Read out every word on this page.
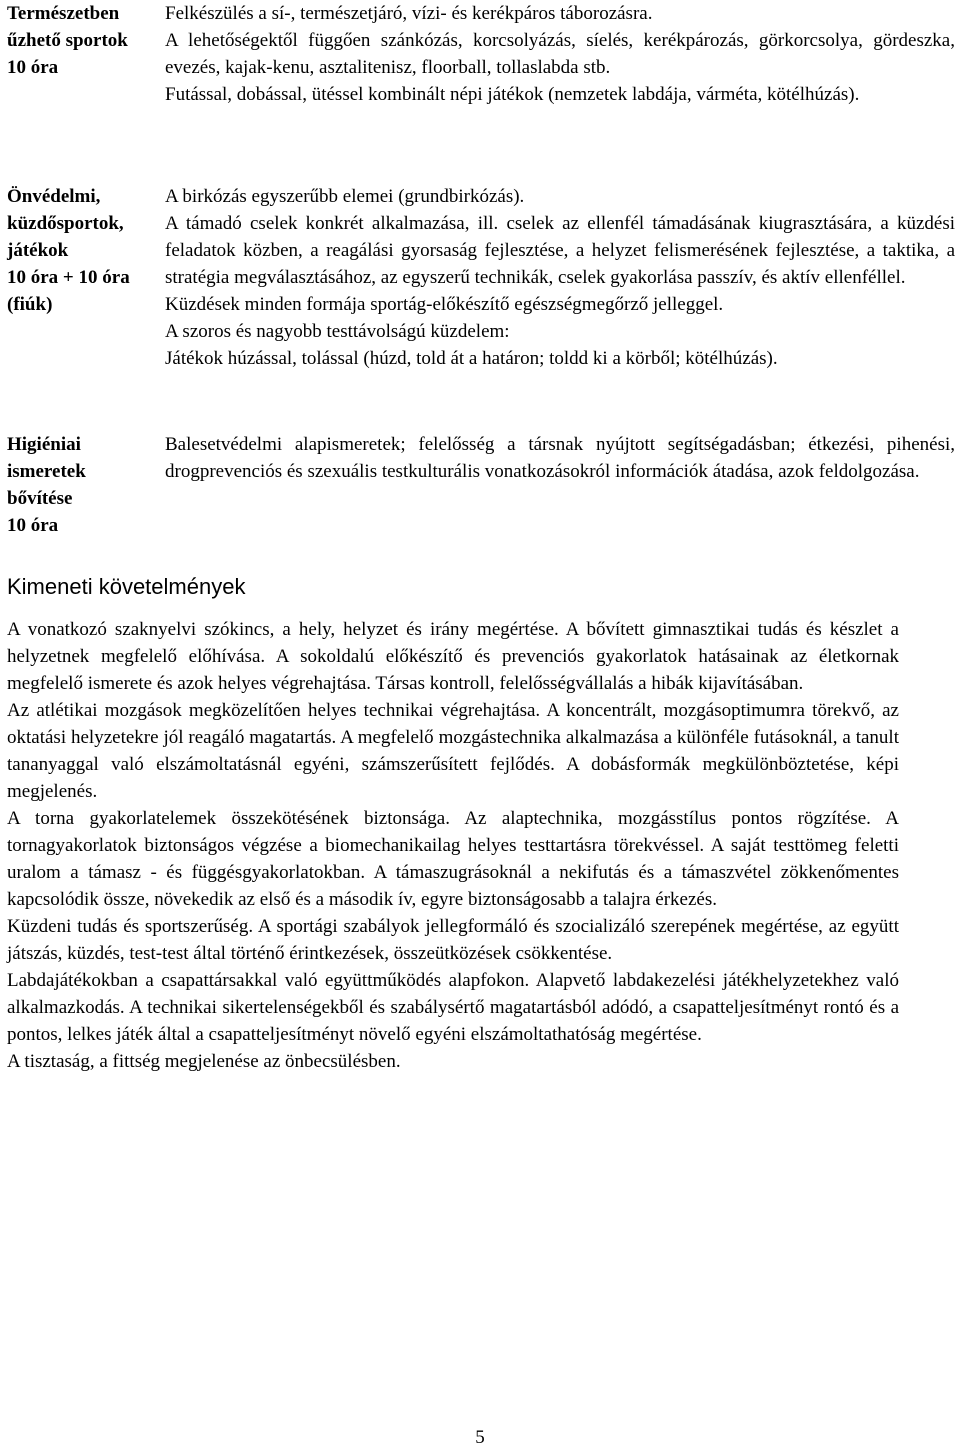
Természetben
űzhető sportok
10 óra

Felkészülés a sí-, természetjáró, vízi- és kerékpáros táborozásra.

A lehetőségektől függően szánkózás, korcsolyázás, síelés, kerékpározás, görkorcsolya, gördeszka, evezés, kajak-kenu, asztalitenisz, floorball, tollaslabda stb.

Futással, dobással, ütéssel kombinált népi játékok (nemzetek labdája, várméta, kötélhúzás).

Önvédelmi,
küzdősportok,
játékok
10 óra + 10 óra
(fiúk)

A birkózás egyszerűbb elemei (grundbirkózás).

A támadó cselek konkrét alkalmazása, ill. cselek az ellenfél támadásának kiugrasztására, a küzdési feladatok közben, a reagálási gyorsaság fejlesztése, a helyzet felismerésének fejlesztése, a taktika, a stratégia megválasztásához, az egyszerű technikák, cselek gyakorlása passzív, és aktív ellenféllel.

Küzdések minden formája sportág-előkészítő egészségmegőrző jelleggel.

A szoros és nagyobb testtávolságú küzdelem:

Játékok húzással, tolással (húzd, told át a határon; toldd ki a körből; kötélhúzás).

Higiéniai
ismeretek
bővítése
10 óra

Balesetvédelmi alapismeretek; felelősség a társnak nyújtott segítségadásban; étkezési, pihenési, drogprevenciós és szexuális testkulturális vonatkozásokról információk átadása, azok feldolgozása.

Kimeneti követelmények

A vonatkozó szaknyelvi szókincs, a hely, helyzet és irány megértése. A bővített gimnasztikai tudás és készlet a helyzetnek megfelelő előhívása. A sokoldalú előkészítő és prevenciós gyakorlatok hatásainak az életkornak megfelelő ismerete és azok helyes végrehajtása. Társas kontroll, felelősségvállalás a hibák kijavításában.

Az atlétikai mozgások megközelítően helyes technikai végrehajtása. A koncentrált, mozgásoptimumra törekvő, az oktatási helyzetekre jól reagáló magatartás. A megfelelő mozgástechnika alkalmazása a különféle futásoknál, a tanult tananyaggal való elszámoltatásnál egyéni, számszerűsített fejlődés. A dobásformák megkülönböztetése, képi megjelenés.

A torna gyakorlatelemek összekötésének biztonsága. Az alaptechnika, mozgásstílus pontos rögzítése. A tornagyakorlatok biztonságos végzése a biomechanikailag helyes testtartásra törekvéssel. A saját testtömeg feletti uralom a támasz - és függésgyakorlatokban. A támaszugrásoknál a nekifutás és a támaszvétel zökkenőmentes kapcsolódik össze, növekedik az első és a második ív, egyre biztonságosabb a talajra érkezés.

Küzdeni tudás és sportszerűség. A sportági szabályok jellegformáló és szocializáló szerepének megértése, az együtt játszás, küzdés, test-test által történő érintkezések, összeütközések csökkentése.

Labdajátékokban a csapattársakkal való együttműködés alapfokon. Alapvető labdakezelési játékhelyzetekhez való alkalmazkodás. A technikai sikertelenségekből és szabálysértő magatartásból adódó, a csapatteljesítményt rontó és a pontos, lelkes játék által a csapatteljesítményt növelő egyéni elszámoltathatóság megértése.

A tisztaság, a fittség megjelenése az önbecsülésben.

5
